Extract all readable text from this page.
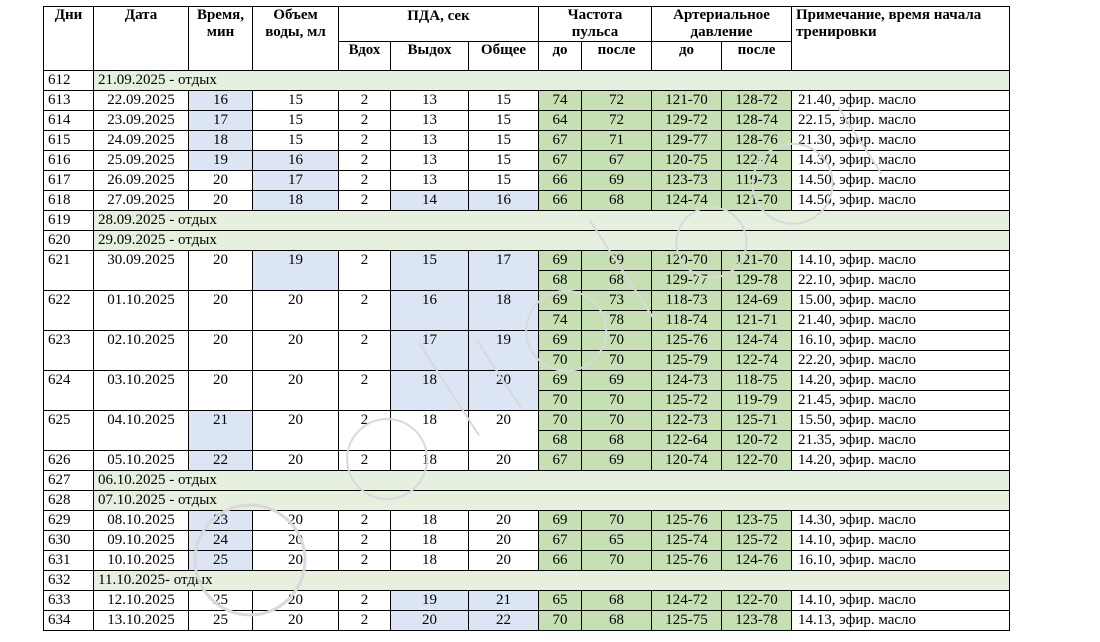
Дни	Дата	Время, мин	Объем воды, мл	ПДА, сек			Частота пульса		Артериальное давление		Примечание, время начала тренировки
				Вдох	Выдох	Общее	до	после	до	после	
612	21.09.2025 - отдых										
613	22.09.2025	16	15	2	13	15	74	72	121-70	128-72	21.40, эфир. масло
614	23.09.2025	17	15	2	13	15	64	72	129-72	128-74	22.15, эфир. масло
615	24.09.2025	18	15	2	13	15	67	71	129-77	128-76	21.30, эфир. масло
616	25.09.2025	19	16	2	13	15	67	67	120-75	122-74	14.30, эфир. масло
617	26.09.2025	20	17	2	13	15	66	69	123-73	119-73	14.50, эфир. масло
618	27.09.2025	20	18	2	14	16	66	68	124-74	121-70	14.50, эфир. масло
619	28.09.2025 - отдых										
620	29.09.2025 - отдых										
621	30.09.2025	20	19	2	15	17	69	69	120-70	121-70	14.10, эфир. масло
							68	68	129-77	129-78	22.10, эфир. масло
622	01.10.2025	20	20	2	16	18	69	73	118-73	124-69	15.00, эфир. масло
							74	78	118-74	121-71	21.40, эфир. масло
623	02.10.2025	20	20	2	17	19	69	70	125-76	124-74	16.10, эфир. масло
							70	70	125-79	122-74	22.20, эфир. масло
624	03.10.2025	20	20	2	18	20	69	69	124-73	118-75	14.20, эфир. масло
							70	70	125-72	119-79	21.45, эфир. масло
625	04.10.2025	21	20	2	18	20	70	70	122-73	125-71	15.50, эфир. масло
							68	68	122-64	120-72	21.35, эфир. масло
626	05.10.2025	22	20	2	18	20	67	69	120-74	122-70	14.20, эфир. масло
627	06.10.2025 - отдых										
628	07.10.2025 - отдых										
629	08.10.2025	23	20	2	18	20	69	70	125-76	123-75	14.30, эфир. масло
630	09.10.2025	24	20	2	18	20	67	65	125-74	125-72	14.10, эфир. масло
631	10.10.2025	25	20	2	18	20	66	70	125-76	124-76	16.10, эфир. масло
632	11.10.2025- отдых										
633	12.10.2025	25	20	2	19	21	65	68	124-72	122-70	14.10, эфир. масло
634	13.10.2025	25	20	2	20	22	70	68	125-75	123-78	14.13, эфир. масло
